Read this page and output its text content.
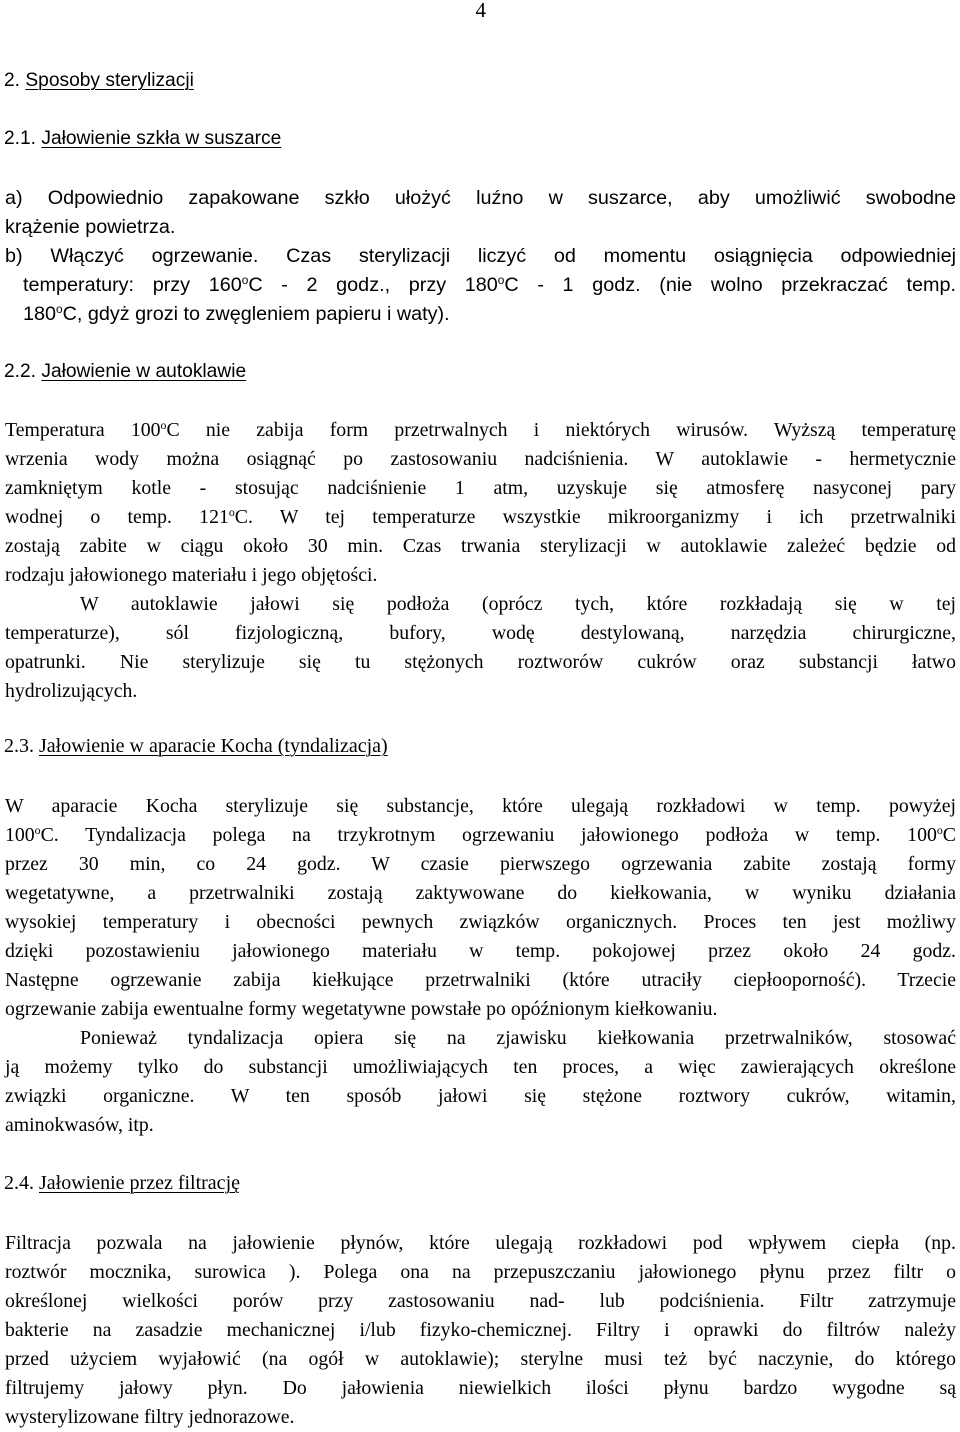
4
2. Sposoby sterylizacji
2.1. Jałowienie szkła w suszarce
a) Odpowiednio zapakowane szkło ułożyć luźno w suszarce, aby umożliwić swobodne
krążenie powietrza.
b) Włączyć ogrzewanie. Czas sterylizacji liczyć od momentu osiągnięcia odpowiedniej
temperatury: przy 160$^o$C - 2 godz., przy 180$^o$C - 1 godz. (nie wolno przekraczać temp.
180$^o$C, gdyż grozi to zwęgleniem papieru i waty).
2.2. Jałowienie w autoklawie
Temperatura 100$^o$C nie zabija form przetrwalnych i niektórych wirusów. Wyższą temperaturę
wrzenia wody można osiągnąć po zastosowaniu nadciśnienia. W autoklawie - hermetycznie
zamkniętym kotle - stosując nadciśnienie 1 atm, uzyskuje się atmosferę nasyconej pary
wodnej o temp. 121$^o$C. W tej temperaturze wszystkie mikroorganizmy i ich przetrwalniki
zostają zabite w ciągu około 30 min. Czas trwania sterylizacji w autoklawie zależeć będzie od
rodzaju jałowionego materiału i jego objętości.
W autoklawie jałowi się podłoża (oprócz tych, które rozkładają się w tej
temperaturze), sól fizjologiczną, bufory, wodę destylowaną, narzędzia chirurgiczne,
opatrunki. Nie sterylizuje się tu stężonych roztworów cukrów oraz substancji łatwo
hydrolizujących.
2.3. Jałowienie w aparacie Kocha (tyndalizacja)
W aparacie Kocha sterylizuje się substancje, które ulegają rozkładowi w temp. powyżej
100$^o$C. Tyndalizacja polega na trzykrotnym ogrzewaniu jałowionego podłoża w temp. 100$^o$C
przez 30 min, co 24 godz. W czasie pierwszego ogrzewania zabite zostają formy
wegetatywne, a przetrwalniki zostają zaktywowane do kiełkowania, w wyniku działania
wysokiej temperatury i obecności pewnych związków organicznych. Proces ten jest możliwy
dzięki pozostawieniu jałowionego materiału w temp. pokojowej przez około 24 godz.
Następne ogrzewanie zabija kiełkujące przetrwalniki (które utraciły ciepłooporność). Trzecie
ogrzewanie zabija ewentualne formy wegetatywne powstałe po opóźnionym kiełkowaniu.
Ponieważ tyndalizacja opiera się na zjawisku kiełkowania przetrwalników, stosować
ją możemy tylko do substancji umożliwiających ten proces, a więc zawierających określone
związki organiczne. W ten sposób jałowi się stężone roztwory cukrów, witamin,
aminokwasów, itp.
2.4. Jałowienie przez filtrację
Filtracja pozwala na jałowienie płynów, które ulegają rozkładowi pod wpływem ciepła (np.
roztwór mocznika, surowica ). Polega ona na przepuszczaniu jałowionego płynu przez filtr o
określonej wielkości porów przy zastosowaniu nad- lub podciśnienia. Filtr zatrzymuje
bakterie na zasadzie mechanicznej i/lub fizyko-chemicznej. Filtry i oprawki do filtrów należy
przed użyciem wyjałowić (na ogół w autoklawie); sterylne musi też być naczynie, do którego
filtrujemy jałowy płyn. Do jałowienia niewielkich ilości płynu bardzo wygodne są
wysterylizowane filtry jednorazowe.
